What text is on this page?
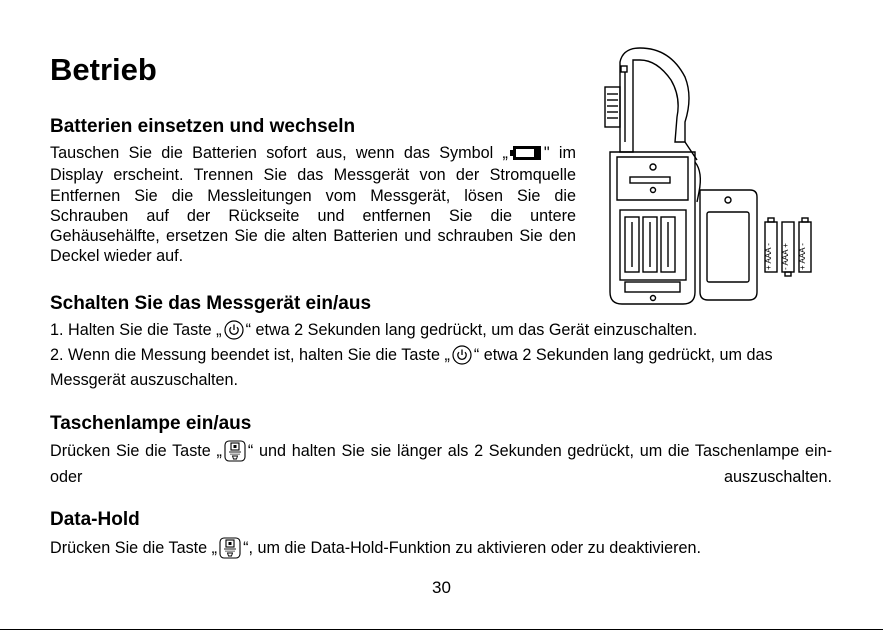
Betrieb
Batterien einsetzen und wechseln

Tauschen Sie die Batterien sofort aus, wenn das Symbol „ " im Display erscheint. Trennen Sie das Messgerät von der Stromquelle Entfernen Sie die Messleitungen vom Messgerät, lösen Sie die Schrauben auf der Rückseite und entfernen Sie die untere Gehäusehälfte, ersetzen Sie die alten Batterien und schrauben Sie den Deckel wieder auf.	+ AAA - - AAA + + AAA -
Schalten Sie das Messgerät ein/aus

1. Halten Sie die Taste „ “ etwa 2 Sekunden lang gedrückt, um das Gerät einzuschalten.

2. Wenn die Messung beendet ist, halten Sie die Taste „ “ etwa 2 Sekunden lang gedrückt, um das Messgerät auszuschalten.

Taschenlampe ein/aus

Drücken Sie die Taste „ “ und halten Sie sie länger als 2 Sekunden gedrückt, um die Taschenlampe ein- oder auszuschalten.

Data-Hold

Drücken Sie die Taste „ “, um die Data-Hold-Funktion zu aktivieren oder zu deaktivieren.

30
